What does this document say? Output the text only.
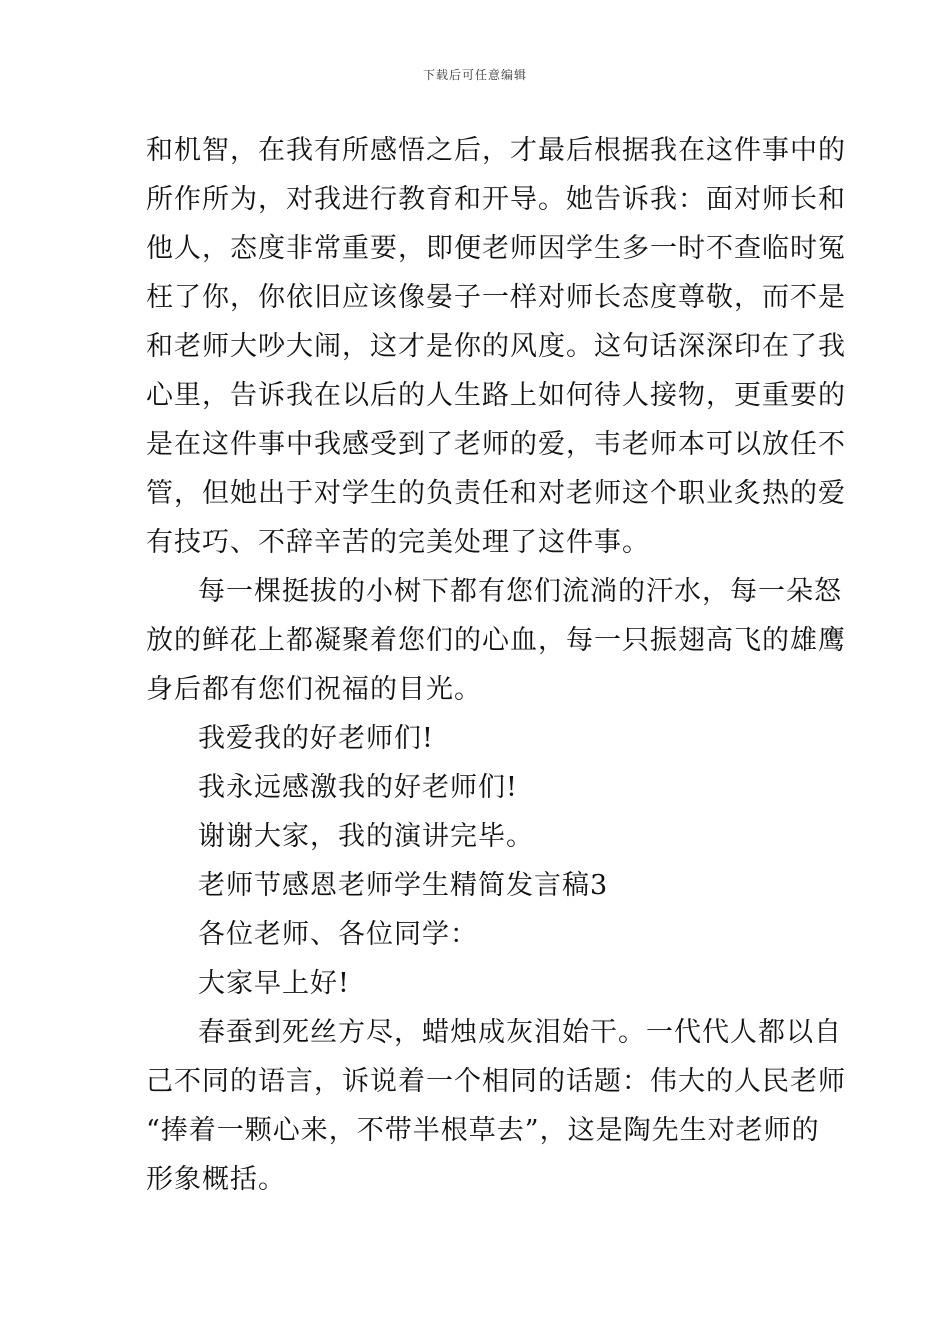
下载后可任意编辑
和机智，在我有所感悟之后，才最后根据我在这件事中的
所作所为，对我进行教育和开导。她告诉我：面对师长和
他人，态度非常重要，即便老师因学生多一时不查临时冤
枉了你，你依旧应该像晏子一样对师长态度尊敬，而不是
和老师大吵大闹，这才是你的风度。这句话深深印在了我
心里，告诉我在以后的人生路上如何待人接物，更重要的
是在这件事中我感受到了老师的爱，韦老师本可以放任不
管，但她出于对学生的负责任和对老师这个职业炙热的爱
有技巧、不辞辛苦的完美处理了这件事。
每一棵挺拔的小树下都有您们流淌的汗水，每一朵怒
放的鲜花上都凝聚着您们的心血，每一只振翅高飞的雄鹰
身后都有您们祝福的目光。
我爱我的好老师们!
我永远感激我的好老师们!
谢谢大家，我的演讲完毕。
老师节感恩老师学生精简发言稿3
各位老师、各位同学：
大家早上好!
春蚕到死丝方尽，蜡烛成灰泪始干。一代代人都以自
己不同的语言，诉说着一个相同的话题：伟大的人民老师
“捧着一颗心来，不带半根草去”，这是陶先生对老师的
形象概括。
